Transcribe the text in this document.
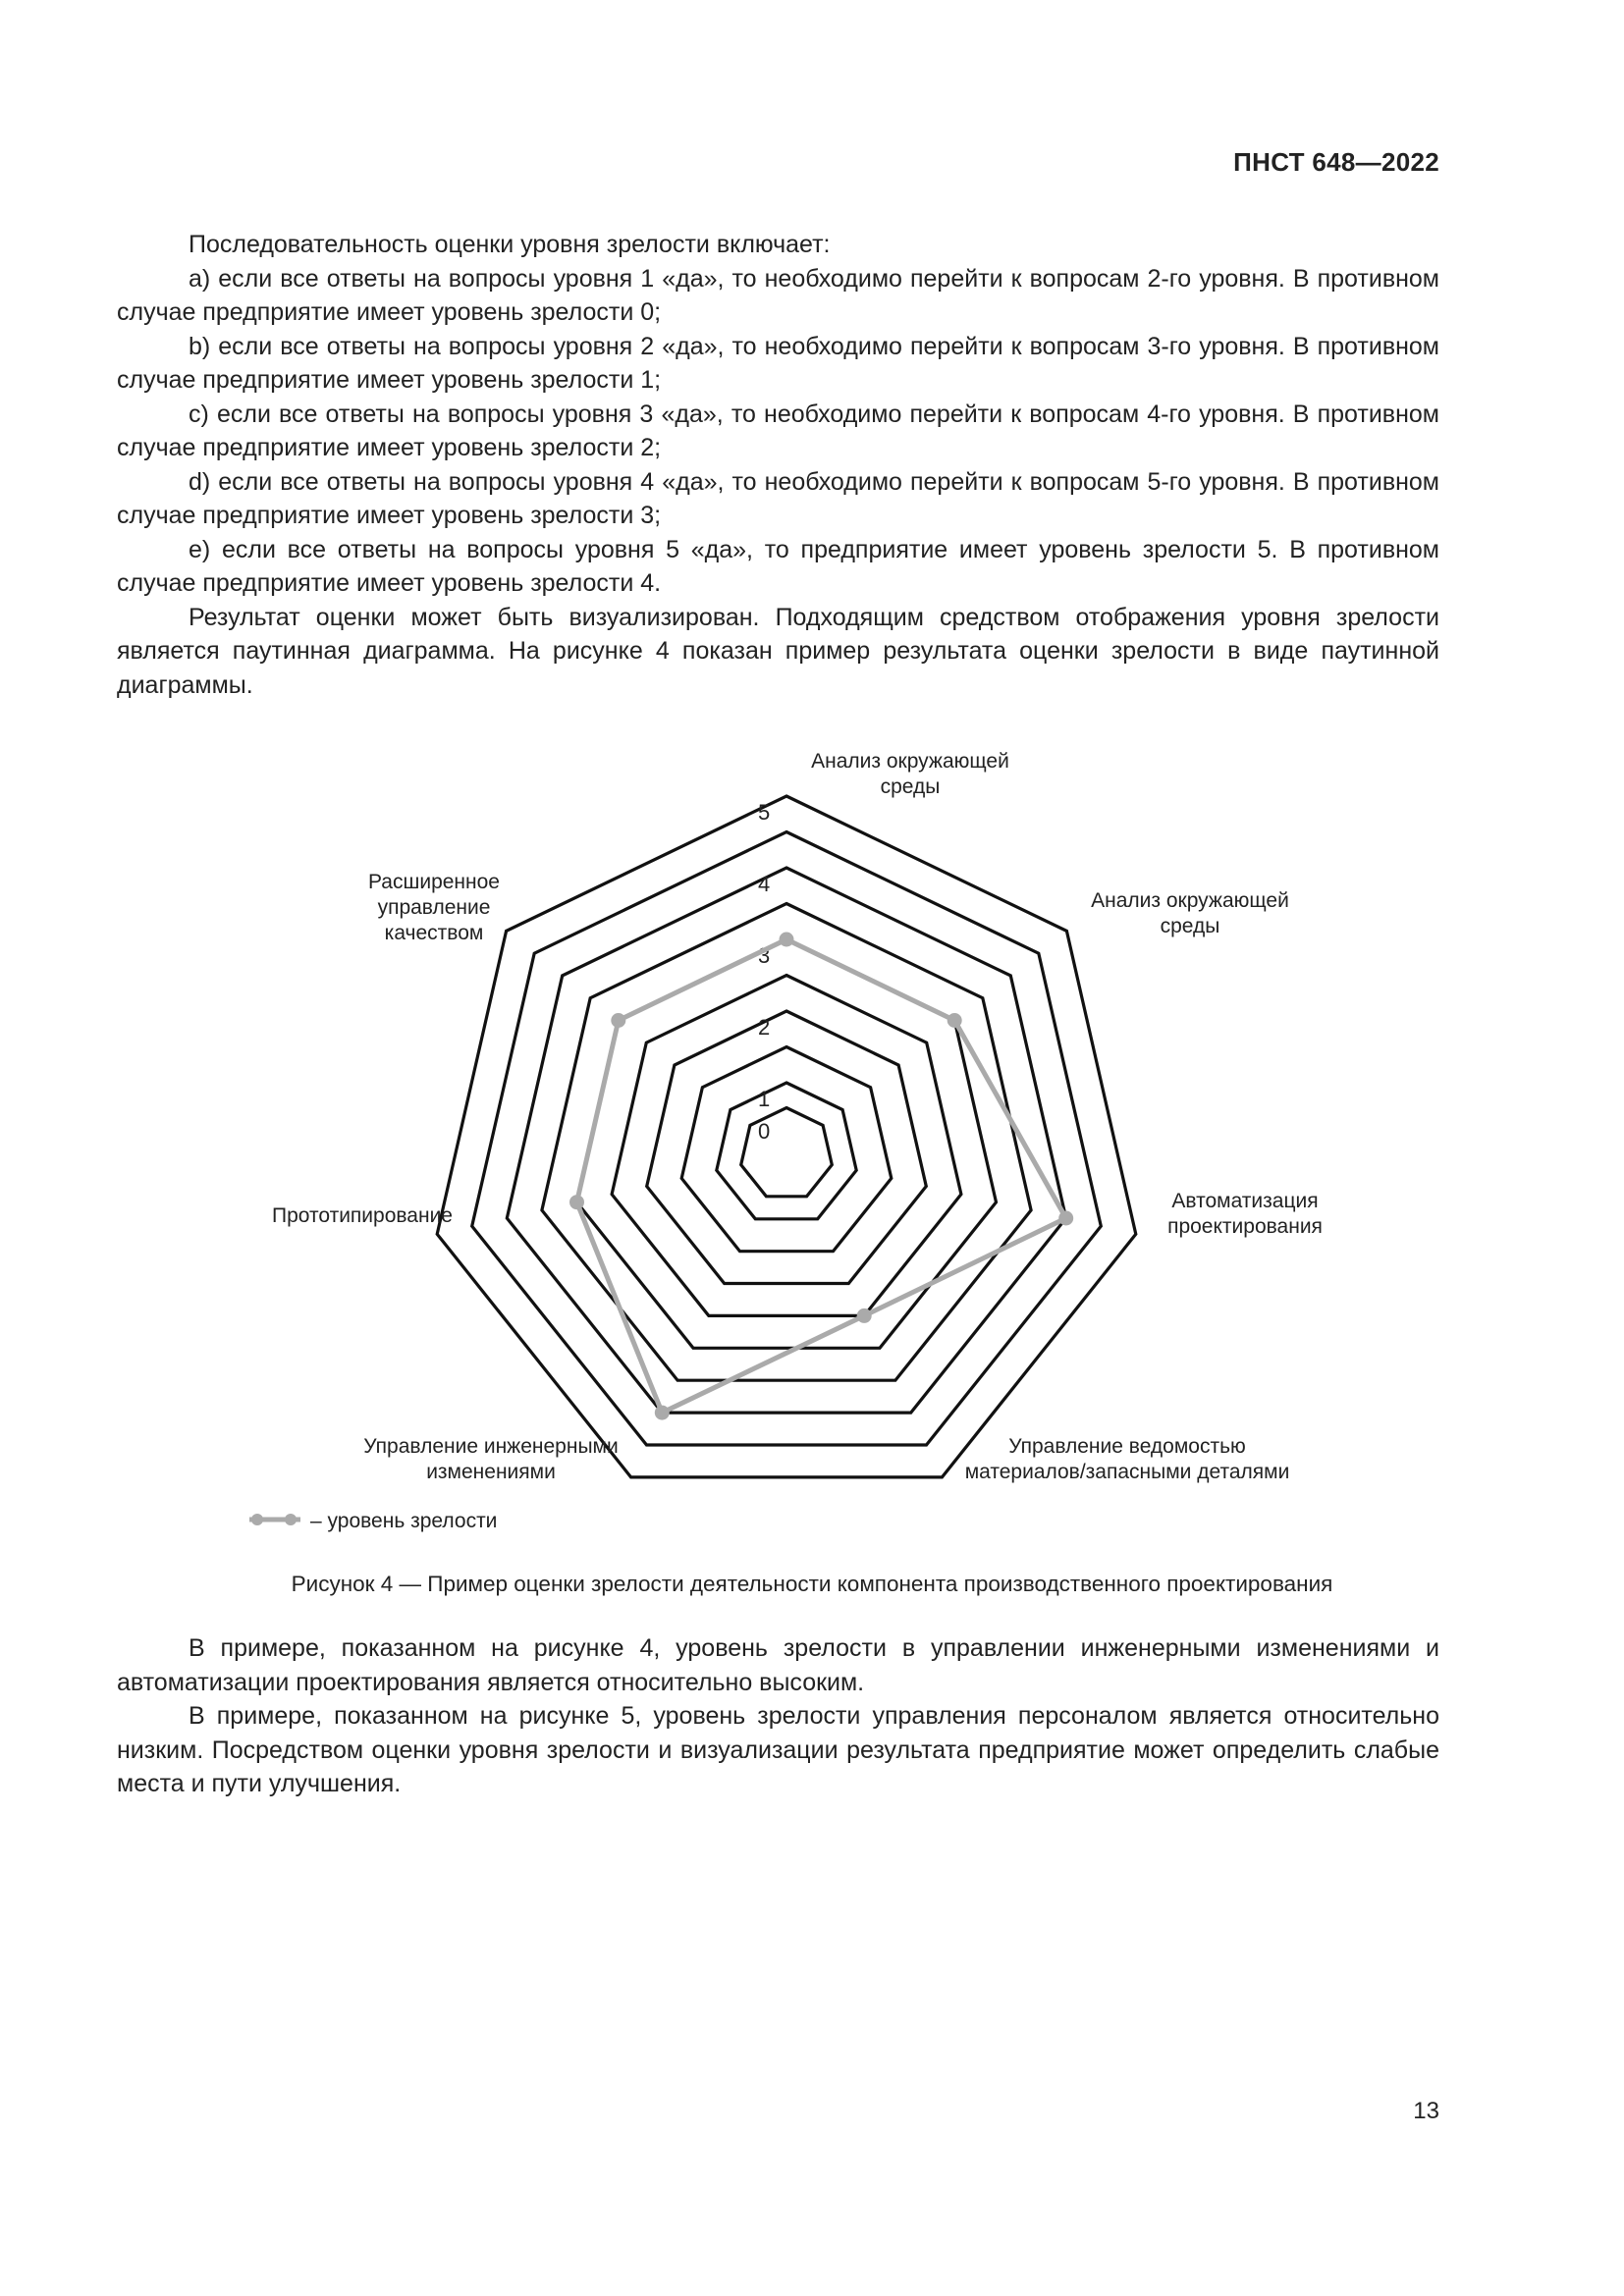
ПНСТ 648—2022

Последовательность оценки уровня зрелости включает:

а) если все ответы на вопросы уровня 1 «да», то необходимо перейти к вопросам 2-го уровня. В противном случае предприятие имеет уровень зрелости 0;

b) если все ответы на вопросы уровня 2 «да», то необходимо перейти к вопросам 3-го уровня. В противном случае предприятие имеет уровень зрелости 1;

c) если все ответы на вопросы уровня 3 «да», то необходимо перейти к вопросам 4-го уровня. В противном случае предприятие имеет уровень зрелости 2;

d) если все ответы на вопросы уровня 4 «да», то необходимо перейти к вопросам 5-го уровня. В противном случае предприятие имеет уровень зрелости 3;

e) если все ответы на вопросы уровня 5 «да», то предприятие имеет уровень зрелости 5. В противном случае предприятие имеет уровень зрелости 4.

Результат оценки может быть визуализирован. Подходящим средством отображения уровня зрелости является паутинная диаграмма. На рисунке 4 показан пример результата оценки зрелости в виде паутинной диаграммы.

0
1
2
3
4
5
Анализ окружающей
среды
Анализ окружающей
среды
Автоматизация
проектирования
Управление ведомостью
материалов/запасными деталями
Управление инженерными
изменениями
Прототипирование
Расширенное
управление
качеством
– уровень зрелости
Рисунок 4 — Пример оценки зрелости деятельности компонента производственного проектирования

В примере, показанном на рисунке 4, уровень зрелости в управлении инженерными изменениями и автоматизации проектирования является относительно высоким.

В примере, показанном на рисунке 5, уровень зрелости управления персоналом является относительно низким. Посредством оценки уровня зрелости и визуализации результата предприятие может определить слабые места и пути улучшения.

13
